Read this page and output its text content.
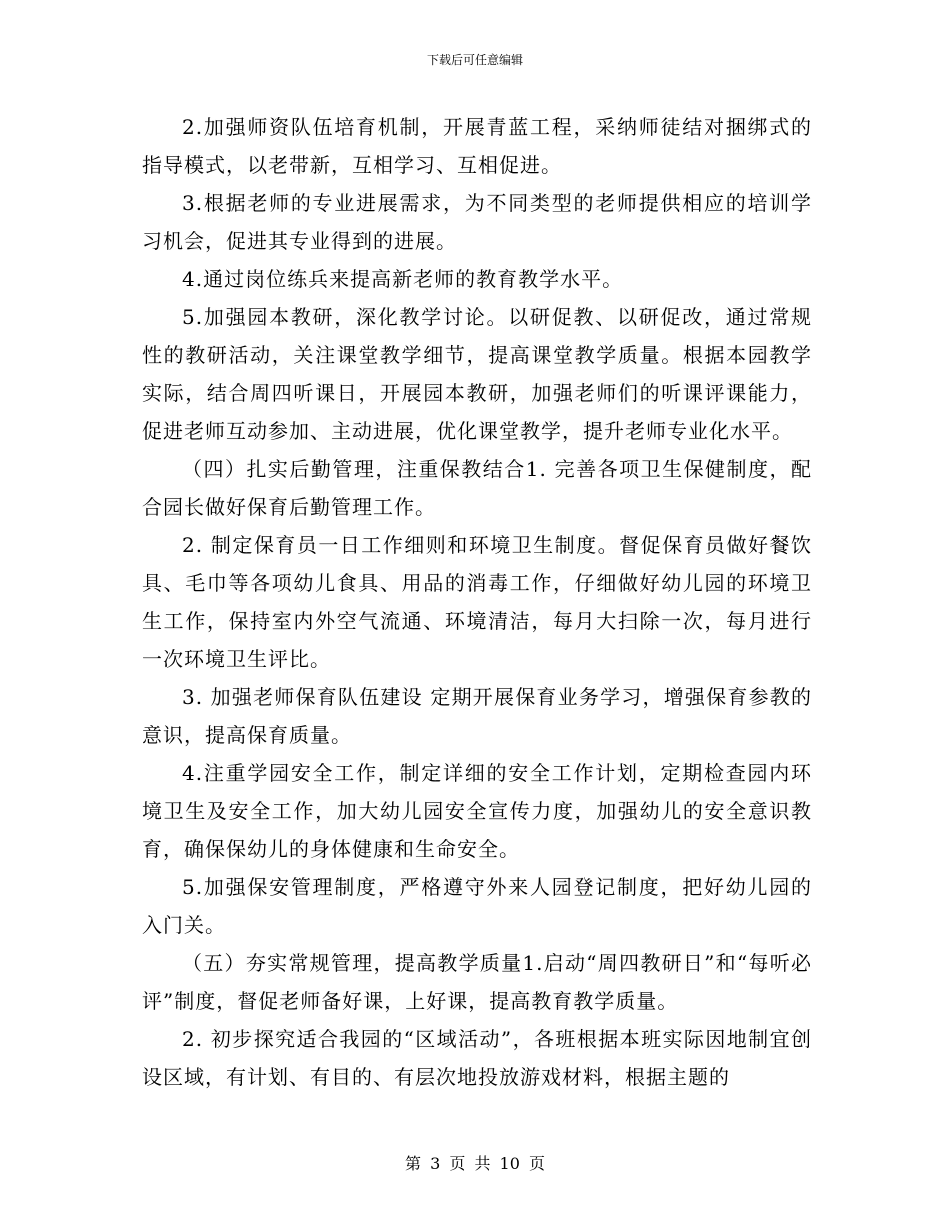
下载后可任意编辑

2.加强师资队伍培育机制，开展青蓝工程，采纳师徒结对捆绑式的指导模式，以老带新，互相学习、互相促进。

3.根据老师的专业进展需求，为不同类型的老师提供相应的培训学习机会，促进其专业得到的进展。

4.通过岗位练兵来提高新老师的教育教学水平。

5.加强园本教研，深化教学讨论。以研促教、以研促改，通过常规性的教研活动，关注课堂教学细节，提高课堂教学质量。根据本园教学实际，结合周四听课日，开展园本教研，加强老师们的听课评课能力，促进老师互动参加、主动进展，优化课堂教学，提升老师专业化水平。

（四）扎实后勤管理，注重保教结合1. 完善各项卫生保健制度，配合园长做好保育后勤管理工作。

2. 制定保育员一日工作细则和环境卫生制度。督促保育员做好餐饮具、毛巾等各项幼儿食具、用品的消毒工作，仔细做好幼儿园的环境卫生工作，保持室内外空气流通、环境清洁，每月大扫除一次，每月进行一次环境卫生评比。

3. 加强老师保育队伍建设 定期开展保育业务学习，增强保育参教的意识，提高保育质量。

4.注重学园安全工作，制定详细的安全工作计划，定期检查园内环境卫生及安全工作，加大幼儿园安全宣传力度，加强幼儿的安全意识教育，确保保幼儿的身体健康和生命安全。

5.加强保安管理制度，严格遵守外来人园登记制度，把好幼儿园的入门关。

（五）夯实常规管理，提高教学质量1.启动“周四教研日”和“每听必评”制度，督促老师备好课，上好课，提高教育教学质量。

2. 初步探究适合我园的“区域活动”，各班根据本班实际因地制宜创设区域，有计划、有目的、有层次地投放游戏材料，根据主题的

第 3 页 共 10 页
